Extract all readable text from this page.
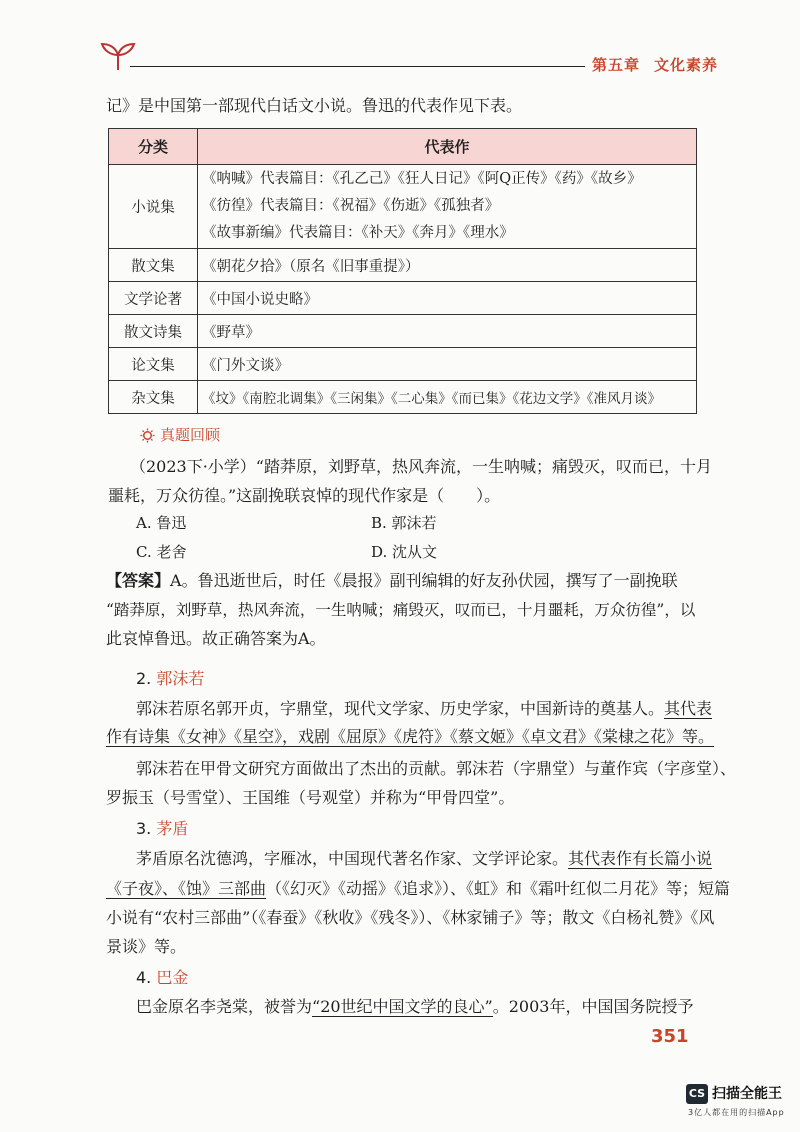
第五章 文化素养
记》是中国第一部现代白话文小说。鲁迅的代表作见下表。
分类	代表作
小说集	《呐喊》代表篇目：《孔乙己》《狂人日记》《阿Q正传》《药》《故乡》
《彷徨》代表篇目：《祝福》《伤逝》《孤独者》
《故事新编》代表篇目：《补天》《奔月》《理水》

散文集	《朝花夕拾》（原名《旧事重提》）
文学论著	《中国小说史略》
散文诗集	《野草》
论文集	《门外文谈》
杂文集	《坟》《南腔北调集》《三闲集》《二心集》《而已集》《花边文学》《准风月谈》
真题回顾
（2023下·小学）“踏莽原，刘野草，热风奔流，一生呐喊；痛毁灭，叹而已，十月
噩耗，万众彷徨。”这副挽联哀悼的现代作家是（　　）。
A. 鲁迅	B. 郭沫若
C. 老舍	D. 沈从文
【答案】A。鲁迅逝世后，时任《晨报》副刊编辑的好友孙伏园，撰写了一副挽联
“踏莽原，刘野草，热风奔流，一生呐喊；痛毁灭，叹而已，十月噩耗，万众彷徨”，以
此哀悼鲁迅。故正确答案为A。
2. 郭沫若
郭沫若原名郭开贞，字鼎堂，现代文学家、历史学家，中国新诗的奠基人。其代表
作有诗集《女神》《星空》，戏剧《屈原》《虎符》《蔡文姬》《卓文君》《棠棣之花》等。
郭沫若在甲骨文研究方面做出了杰出的贡献。郭沫若（字鼎堂）与董作宾（字彦堂）、
罗振玉（号雪堂）、王国维（号观堂）并称为“甲骨四堂”。
3. 茅盾
茅盾原名沈德鸿，字雁冰，中国现代著名作家、文学评论家。其代表作有长篇小说
《子夜》、《蚀》三部曲（《幻灭》《动摇》《追求》）、《虹》和《霜叶红似二月花》等；短篇
小说有“农村三部曲”（《春蚕》《秋收》《残冬》）、《林家铺子》等；散文《白杨礼赞》《风
景谈》等。
4. 巴金
巴金原名李尧棠，被誉为“20世纪中国文学的良心”。2003年，中国国务院授予
351
CS 扫描全能王
3亿人都在用的扫描App
